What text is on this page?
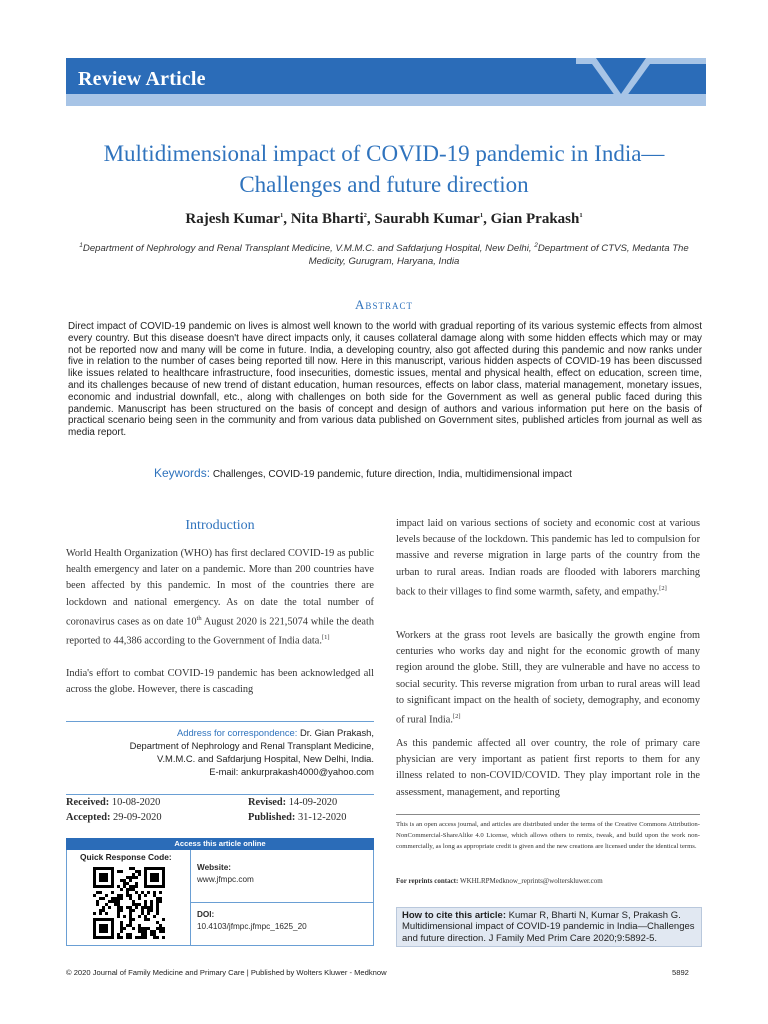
Review Article
Multidimensional impact of COVID-19 pandemic in India—Challenges and future direction
Rajesh Kumar$^1$, Nita Bharti$^2$, Saurabh Kumar$^1$, Gian Prakash$^1$
$^1$Department of Nephrology and Renal Transplant Medicine, V.M.M.C. and Safdarjung Hospital, New Delhi, $^2$Department of CTVS, Medanta The Medicity, Gurugram, Haryana, India
Abstract

Direct impact of COVID-19 pandemic on lives is almost well known to the world with gradual reporting of its various systemic effects from almost every country. But this disease doesn't have direct impacts only, it causes collateral damage along with some hidden effects which may or may not be reported now and many will be come in future. India, a developing country, also got affected during this pandemic and now ranks under five in relation to the number of cases being reported till now. Here in this manuscript, various hidden aspects of COVID-19 has been discussed like issues related to healthcare infrastructure, food insecurities, domestic issues, mental and physical health, effect on education, screen time, and its challenges because of new trend of distant education, human resources, effects on labor class, material management, monetary issues, economic and industrial downfall, etc., along with challenges on both side for the Government as well as general public faced during this pandemic. Manuscript has been structured on the basis of concept and design of authors and various information put here on the basis of practical scenario being seen in the community and from various data published on Government sites, published articles from journal as well as media report.

Keywords: Challenges, COVID-19 pandemic, future direction, India, multidimensional impact
Introduction

World Health Organization (WHO) has first declared COVID-19 as public health emergency and later on a pandemic. More than 200 countries have been affected by this pandemic. In most of the countries there are lockdown and national emergency. As on date the total number of coronavirus cases as on date 10th August 2020 is 221,5074 while the death reported to 44,386 according to the Government of India data.[1]

India's effort to combat COVID-19 pandemic has been acknowledged all across the globe. However, there is cascading

Address for correspondence: Dr. Gian Prakash,
Department of Nephrology and Renal Transplant Medicine,
V.M.M.C. and Safdarjung Hospital, New Delhi, India.
E-mail: ankurprakash4000@yahoo.com
Received: 10-08-2020	Revised: 14-09-2020
Accepted: 29-09-2020	Published: 31-12-2020
Access this article online
Quick Response Code:
Website:
www.jfmpc.com
DOI:
10.4103/jfmpc.jfmpc_1625_20

impact laid on various sections of society and economic cost at various levels because of the lockdown. This pandemic has led to compulsion for massive and reverse migration in large parts of the country from the urban to rural areas. Indian roads are flooded with laborers marching back to their villages to find some warmth, safety, and empathy.[2]

Workers at the grass root levels are basically the growth engine from centuries who works day and night for the economic growth of many region around the globe. Still, they are vulnerable and have no access to social security. This reverse migration from urban to rural areas will lead to significant impact on the health of society, demography, and economy of rural India.[2]

As this pandemic affected all over country, the role of primary care physician are very important as patient first reports to them for any illness related to non-COVID/COVID. They play important role in the assessment, management, and reporting

This is an open access journal, and articles are distributed under the terms of the Creative Commons Attribution-NonCommercial-ShareAlike 4.0 License, which allows others to remix, tweak, and build upon the work non-commercially, as long as appropriate credit is given and the new creations are licensed under the identical terms.
For reprints contact: WKHLRPMedknow_reprints@wolterskluwer.com
How to cite this article: Kumar R, Bharti N, Kumar S, Prakash G. Multidimensional impact of COVID-19 pandemic in India—Challenges and future direction. J Family Med Prim Care 2020;9:5892-5.
© 2020 Journal of Family Medicine and Primary Care | Published by Wolters Kluwer - Medknow	5892
